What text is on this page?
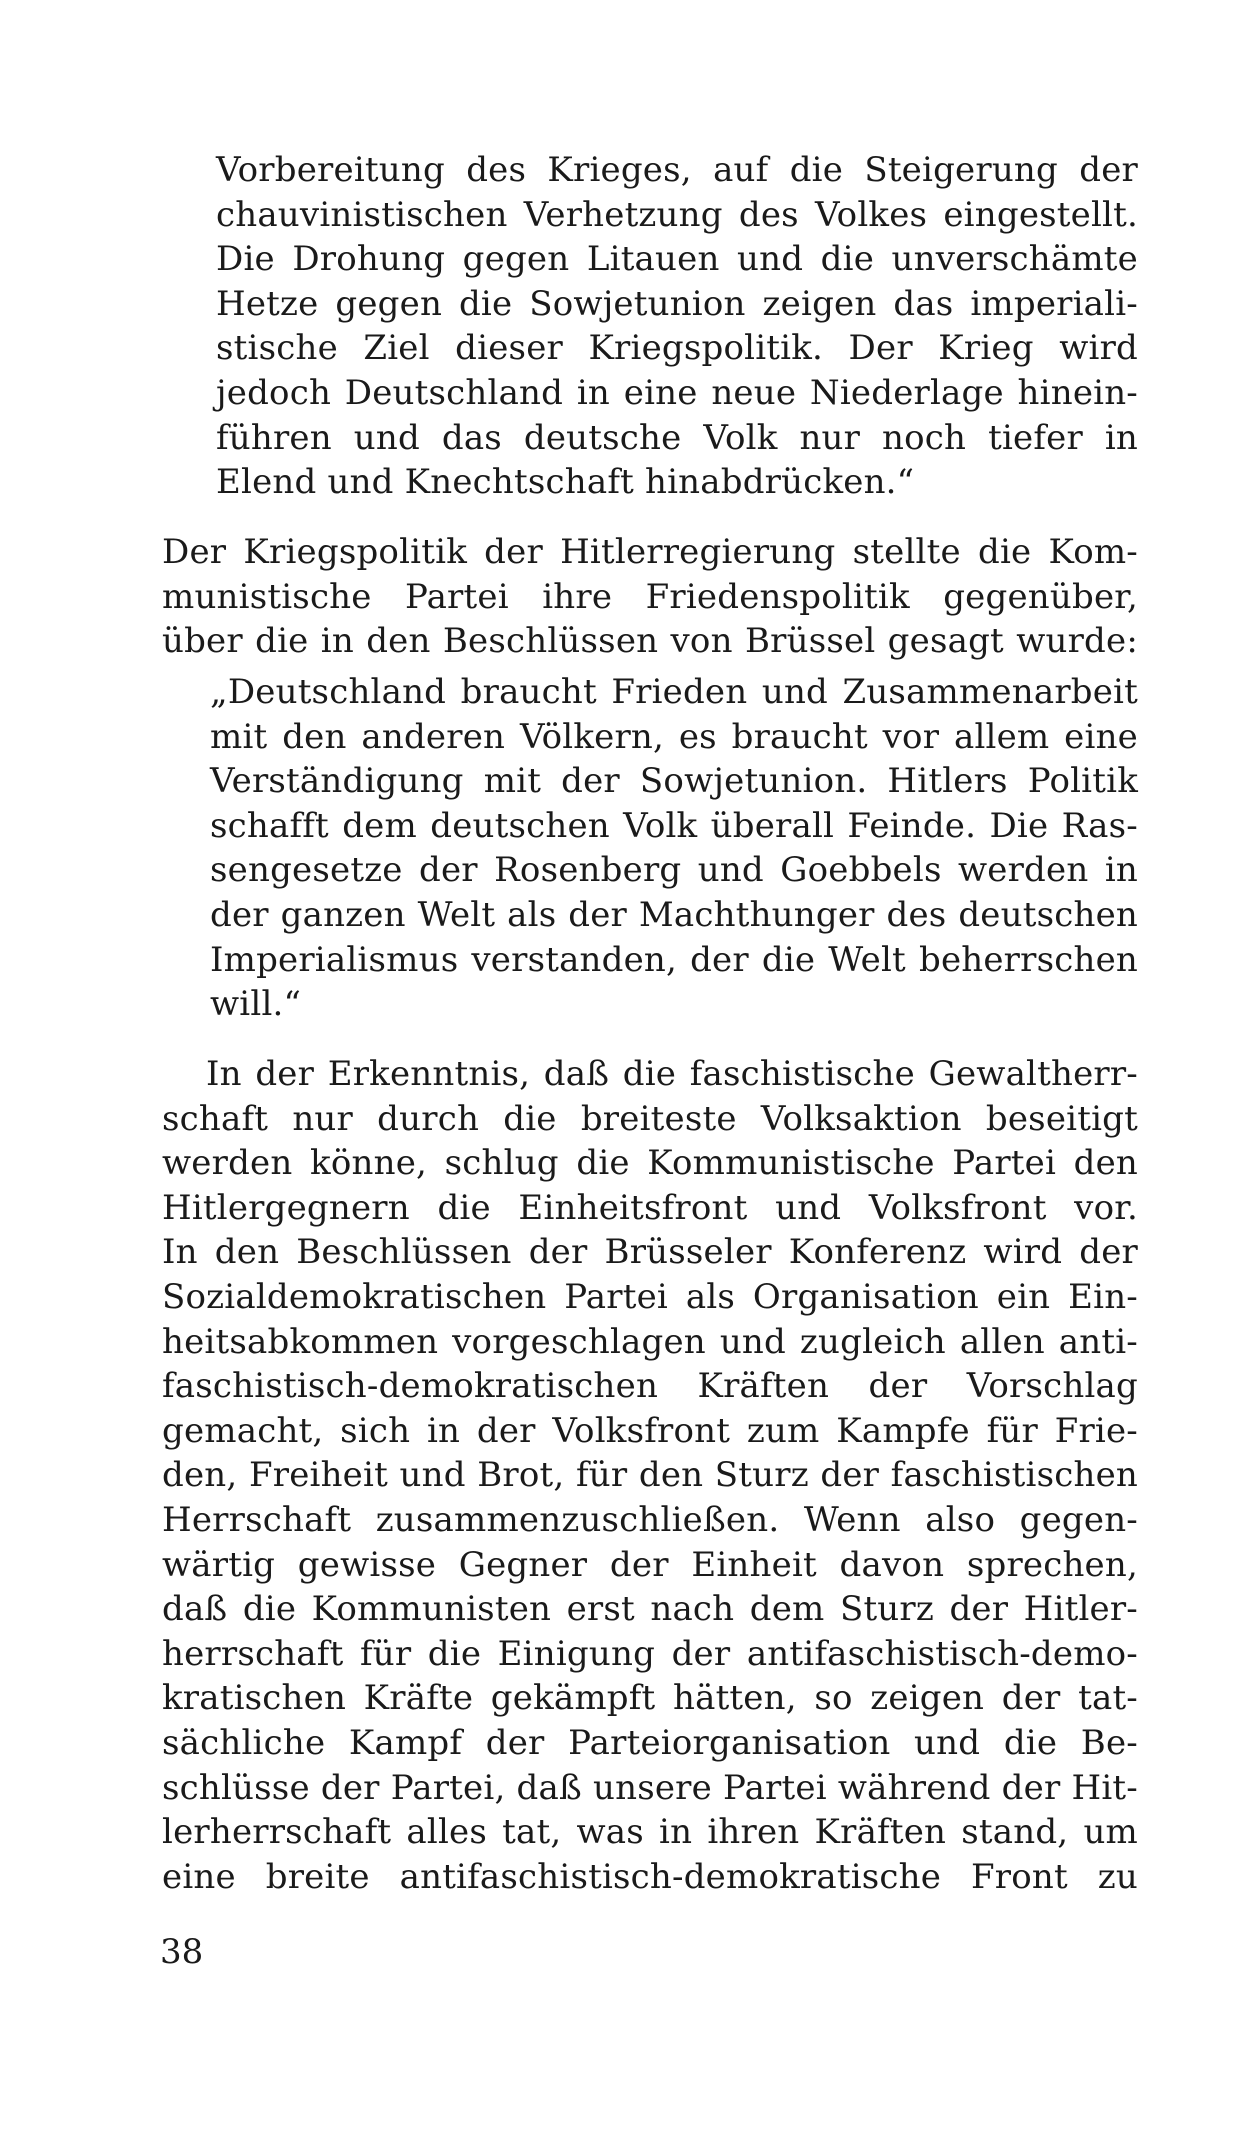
Vorbereitung des Krieges, auf die Steigerung der
chauvinistischen Verhetzung des Volkes eingestellt.
Die Drohung gegen Litauen und die unverschämte
Hetze gegen die Sowjetunion zeigen das imperiali-
stische Ziel dieser Kriegspolitik. Der Krieg wird
jedoch Deutschland in eine neue Niederlage hinein-
führen und das deutsche Volk nur noch tiefer in
Elend und Knechtschaft hinabdrücken.“
Der Kriegspolitik der Hitlerregierung stellte die Kom-
munistische Partei ihre Friedenspolitik gegenüber,
über die in den Beschlüssen von Brüssel gesagt wurde:
„Deutschland braucht Frieden und Zusammenarbeit
mit den anderen Völkern, es braucht vor allem eine
Verständigung mit der Sowjetunion. Hitlers Politik
schafft dem deutschen Volk überall Feinde. Die Ras-
sengesetze der Rosenberg und Goebbels werden in
der ganzen Welt als der Machthunger des deutschen
Imperialismus verstanden, der die Welt beherrschen
will.“
In der Erkenntnis, daß die faschistische Gewaltherr-
schaft nur durch die breiteste Volksaktion beseitigt
werden könne, schlug die Kommunistische Partei den
Hitlergegnern die Einheitsfront und Volksfront vor.
In den Beschlüssen der Brüsseler Konferenz wird der
Sozialdemokratischen Partei als Organisation ein Ein-
heitsabkommen vorgeschlagen und zugleich allen anti-
faschistisch-demokratischen Kräften der Vorschlag
gemacht, sich in der Volksfront zum Kampfe für Frie-
den, Freiheit und Brot, für den Sturz der faschistischen
Herrschaft zusammenzuschließen. Wenn also gegen-
wärtig gewisse Gegner der Einheit davon sprechen,
daß die Kommunisten erst nach dem Sturz der Hitler-
herrschaft für die Einigung der antifaschistisch-demo-
kratischen Kräfte gekämpft hätten, so zeigen der tat-
sächliche Kampf der Parteiorganisation und die Be-
schlüsse der Partei, daß unsere Partei während der Hit-
lerherrschaft alles tat, was in ihren Kräften stand, um
eine breite antifaschistisch-demokratische Front zu
38
